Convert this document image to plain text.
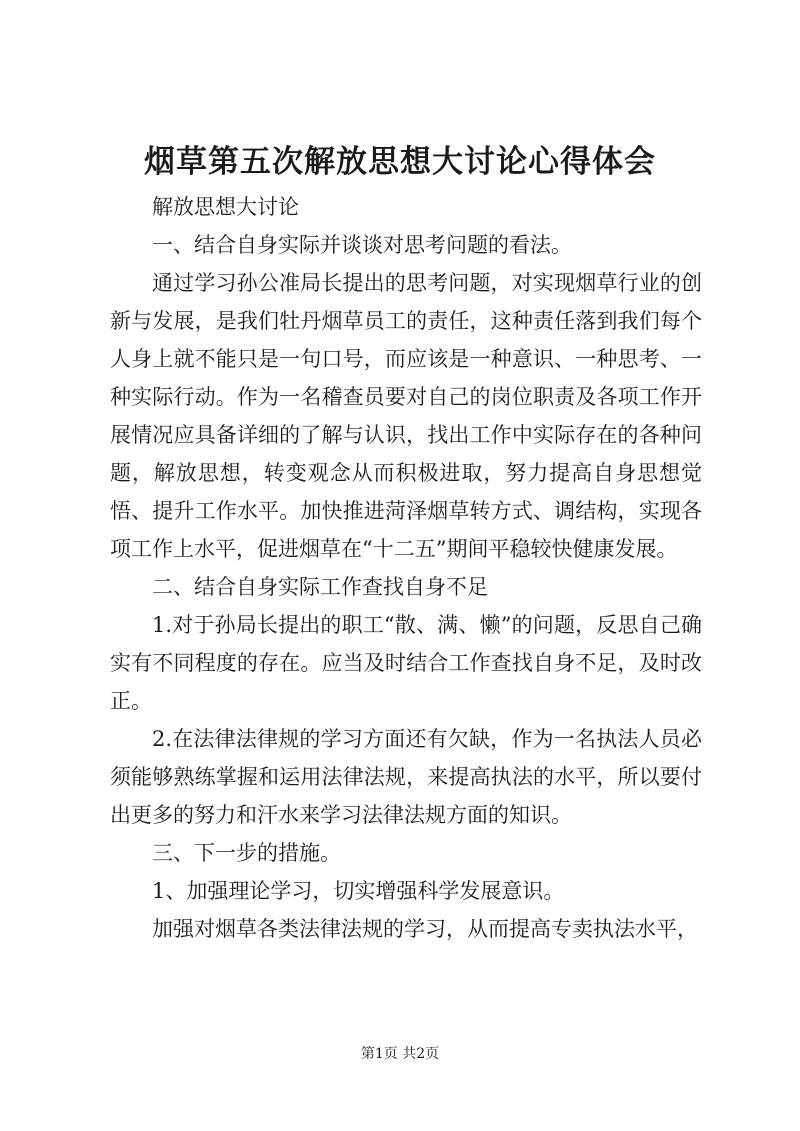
烟草第五次解放思想大讨论心得体会

解放思想大讨论

一、结合自身实际并谈谈对思考问题的看法。

通过学习孙公准局长提出的思考问题，对实现烟草行业的创新与发展，是我们牡丹烟草员工的责任，这种责任落到我们每个人身上就不能只是一句口号，而应该是一种意识、一种思考、一种实际行动。作为一名稽查员要对自己的岗位职责及各项工作开展情况应具备详细的了解与认识，找出工作中实际存在的各种问题，解放思想，转变观念从而积极进取，努力提高自身思想觉悟、提升工作水平。加快推进菏泽烟草转方式、调结构，实现各项工作上水平，促进烟草在“十二五”期间平稳较快健康发展。

二、结合自身实际工作查找自身不足

1.对于孙局长提出的职工“散、满、懒”的问题，反思自己确实有不同程度的存在。应当及时结合工作查找自身不足，及时改正。

2.在法律法律规的学习方面还有欠缺，作为一名执法人员必须能够熟练掌握和运用法律法规，来提高执法的水平，所以要付出更多的努力和汗水来学习法律法规方面的知识。

三、下一步的措施。

1、加强理论学习，切实增强科学发展意识。

加强对烟草各类法律法规的学习，从而提高专卖执法水平，

第1页 共2页
